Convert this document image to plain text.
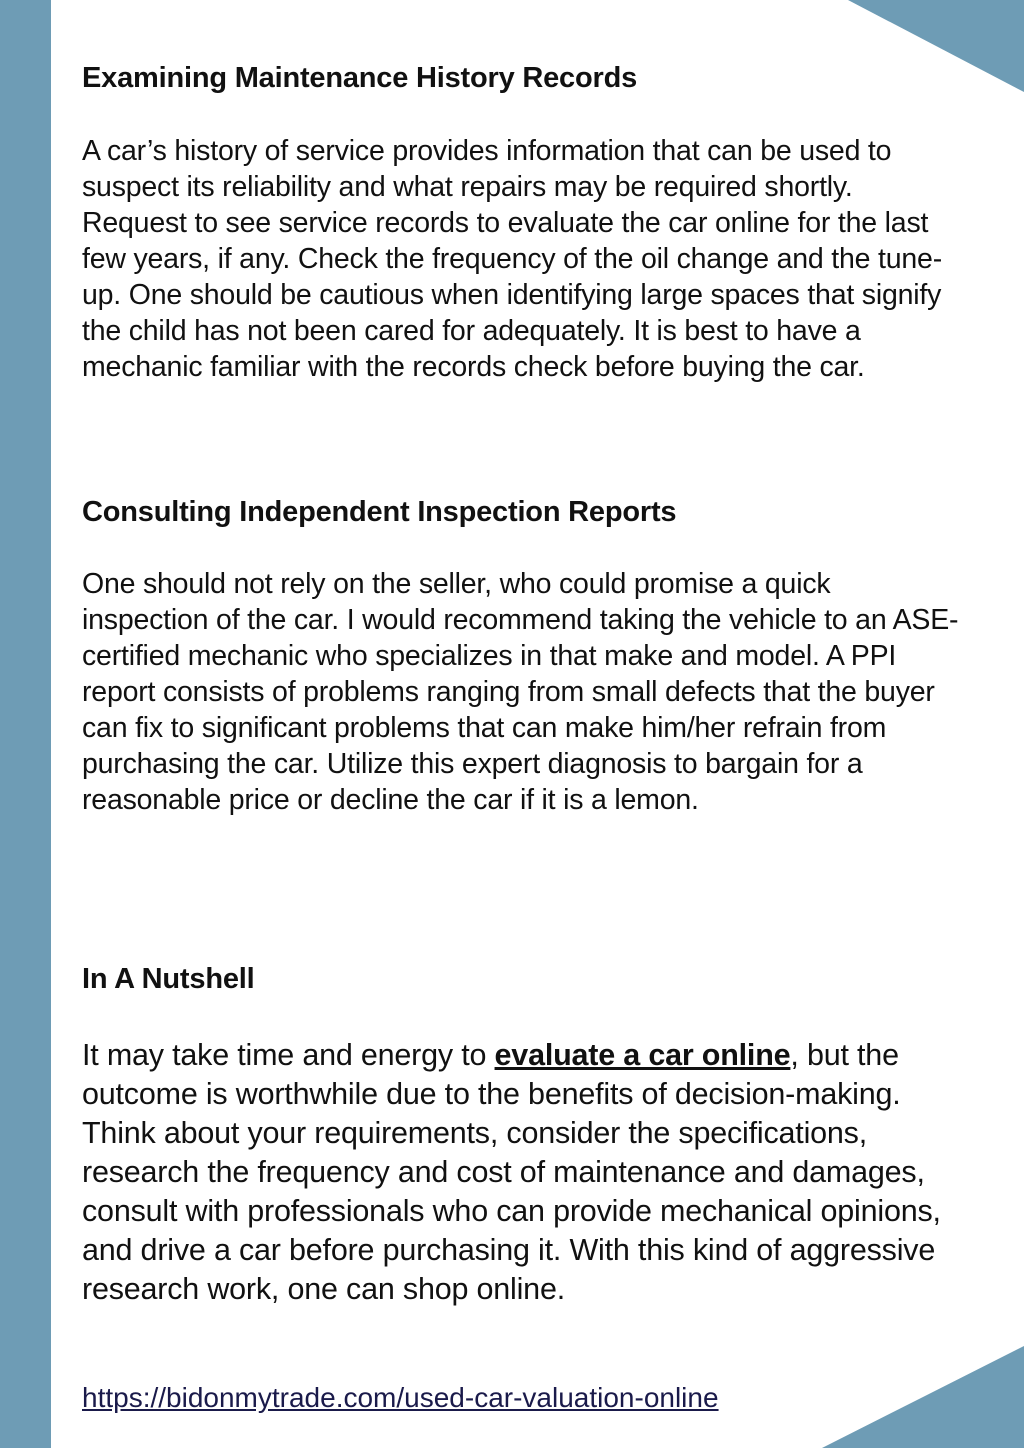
Examining Maintenance History Records

A car’s history of service provides information that can be used to suspect its reliability and what repairs may be required shortly. Request to see service records to evaluate the car online for the last few years, if any. Check the frequency of the oil change and the tune-up. One should be cautious when identifying large spaces that signify the child has not been cared for adequately. It is best to have a mechanic familiar with the records check before buying the car.

Consulting Independent Inspection Reports

One should not rely on the seller, who could promise a quick inspection of the car. I would recommend taking the vehicle to an ASE-certified mechanic who specializes in that make and model. A PPI report consists of problems ranging from small defects that the buyer can fix to significant problems that can make him/her refrain from purchasing the car. Utilize this expert diagnosis to bargain for a reasonable price or decline the car if it is a lemon.

In A Nutshell

It may take time and energy to evaluate a car online, but the outcome is worthwhile due to the benefits of decision-making. Think about your requirements, consider the specifications, research the frequency and cost of maintenance and damages, consult with professionals who can provide mechanical opinions, and drive a car before purchasing it. With this kind of aggressive research work, one can shop online.

https://bidonmytrade.com/used-car-valuation-online
